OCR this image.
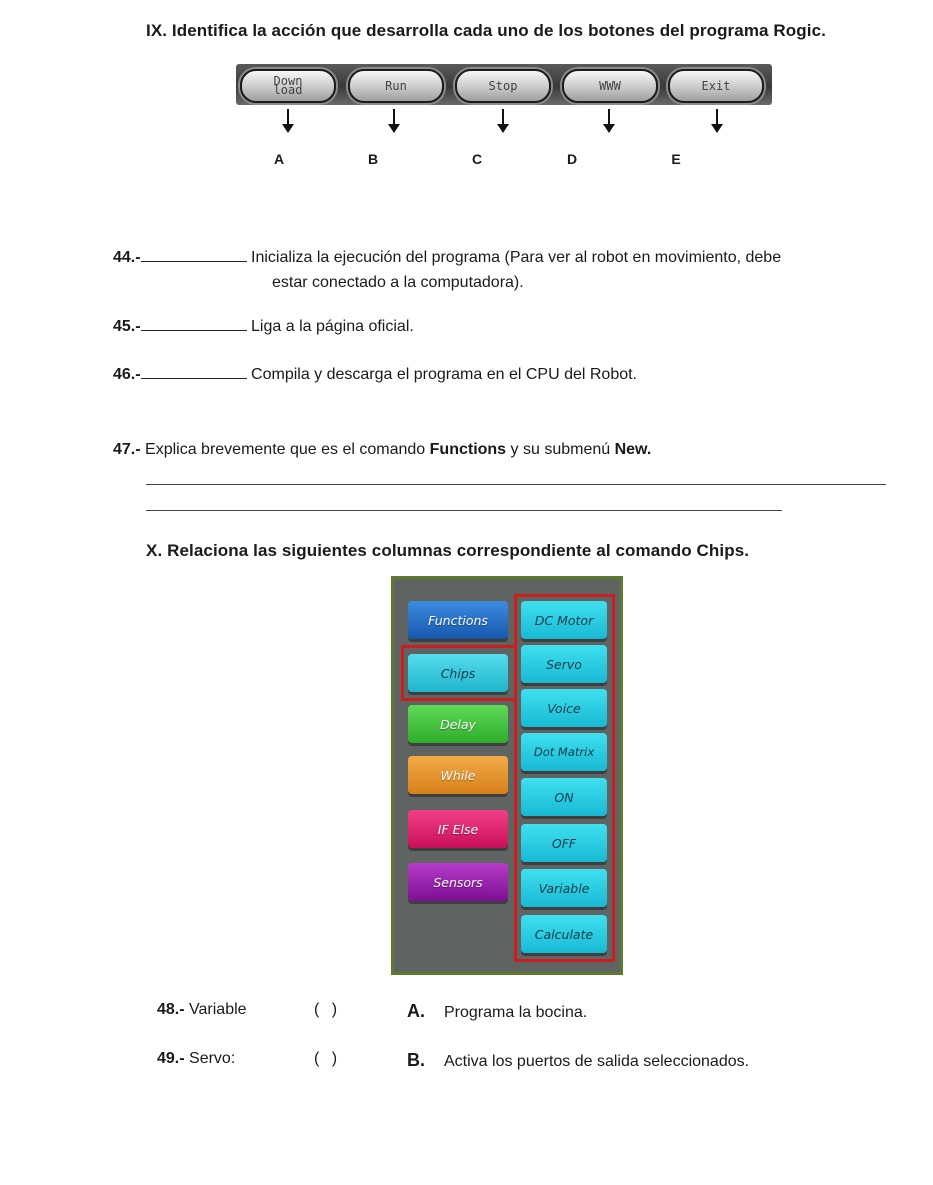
IX. Identifica la acción que desarrolla cada uno de los botones del programa Rogic.
Down load	Run	Stop	WWW	Exit
A	B	C	D	E
44.-	Inicializa la ejecución del programa (Para ver al robot en movimiento, debe
estar conectado a la computadora).
45.-	Liga a la página oficial.
46.-	Compila y descarga el programa en el CPU del Robot.
47.- Explica brevemente que es el comando Functions y su submenú New.
X. Relaciona las siguientes columnas correspondiente al comando Chips.
Functions
Chips
Delay
While
IF Else
Sensors
DC Motor
Servo
Voice
Dot Matrix
ON
OFF
Variable
Calculate
48.- Variable	( )	A. Programa la bocina.
49.- Servo:	( )	B. Activa los puertos de salida seleccionados.
